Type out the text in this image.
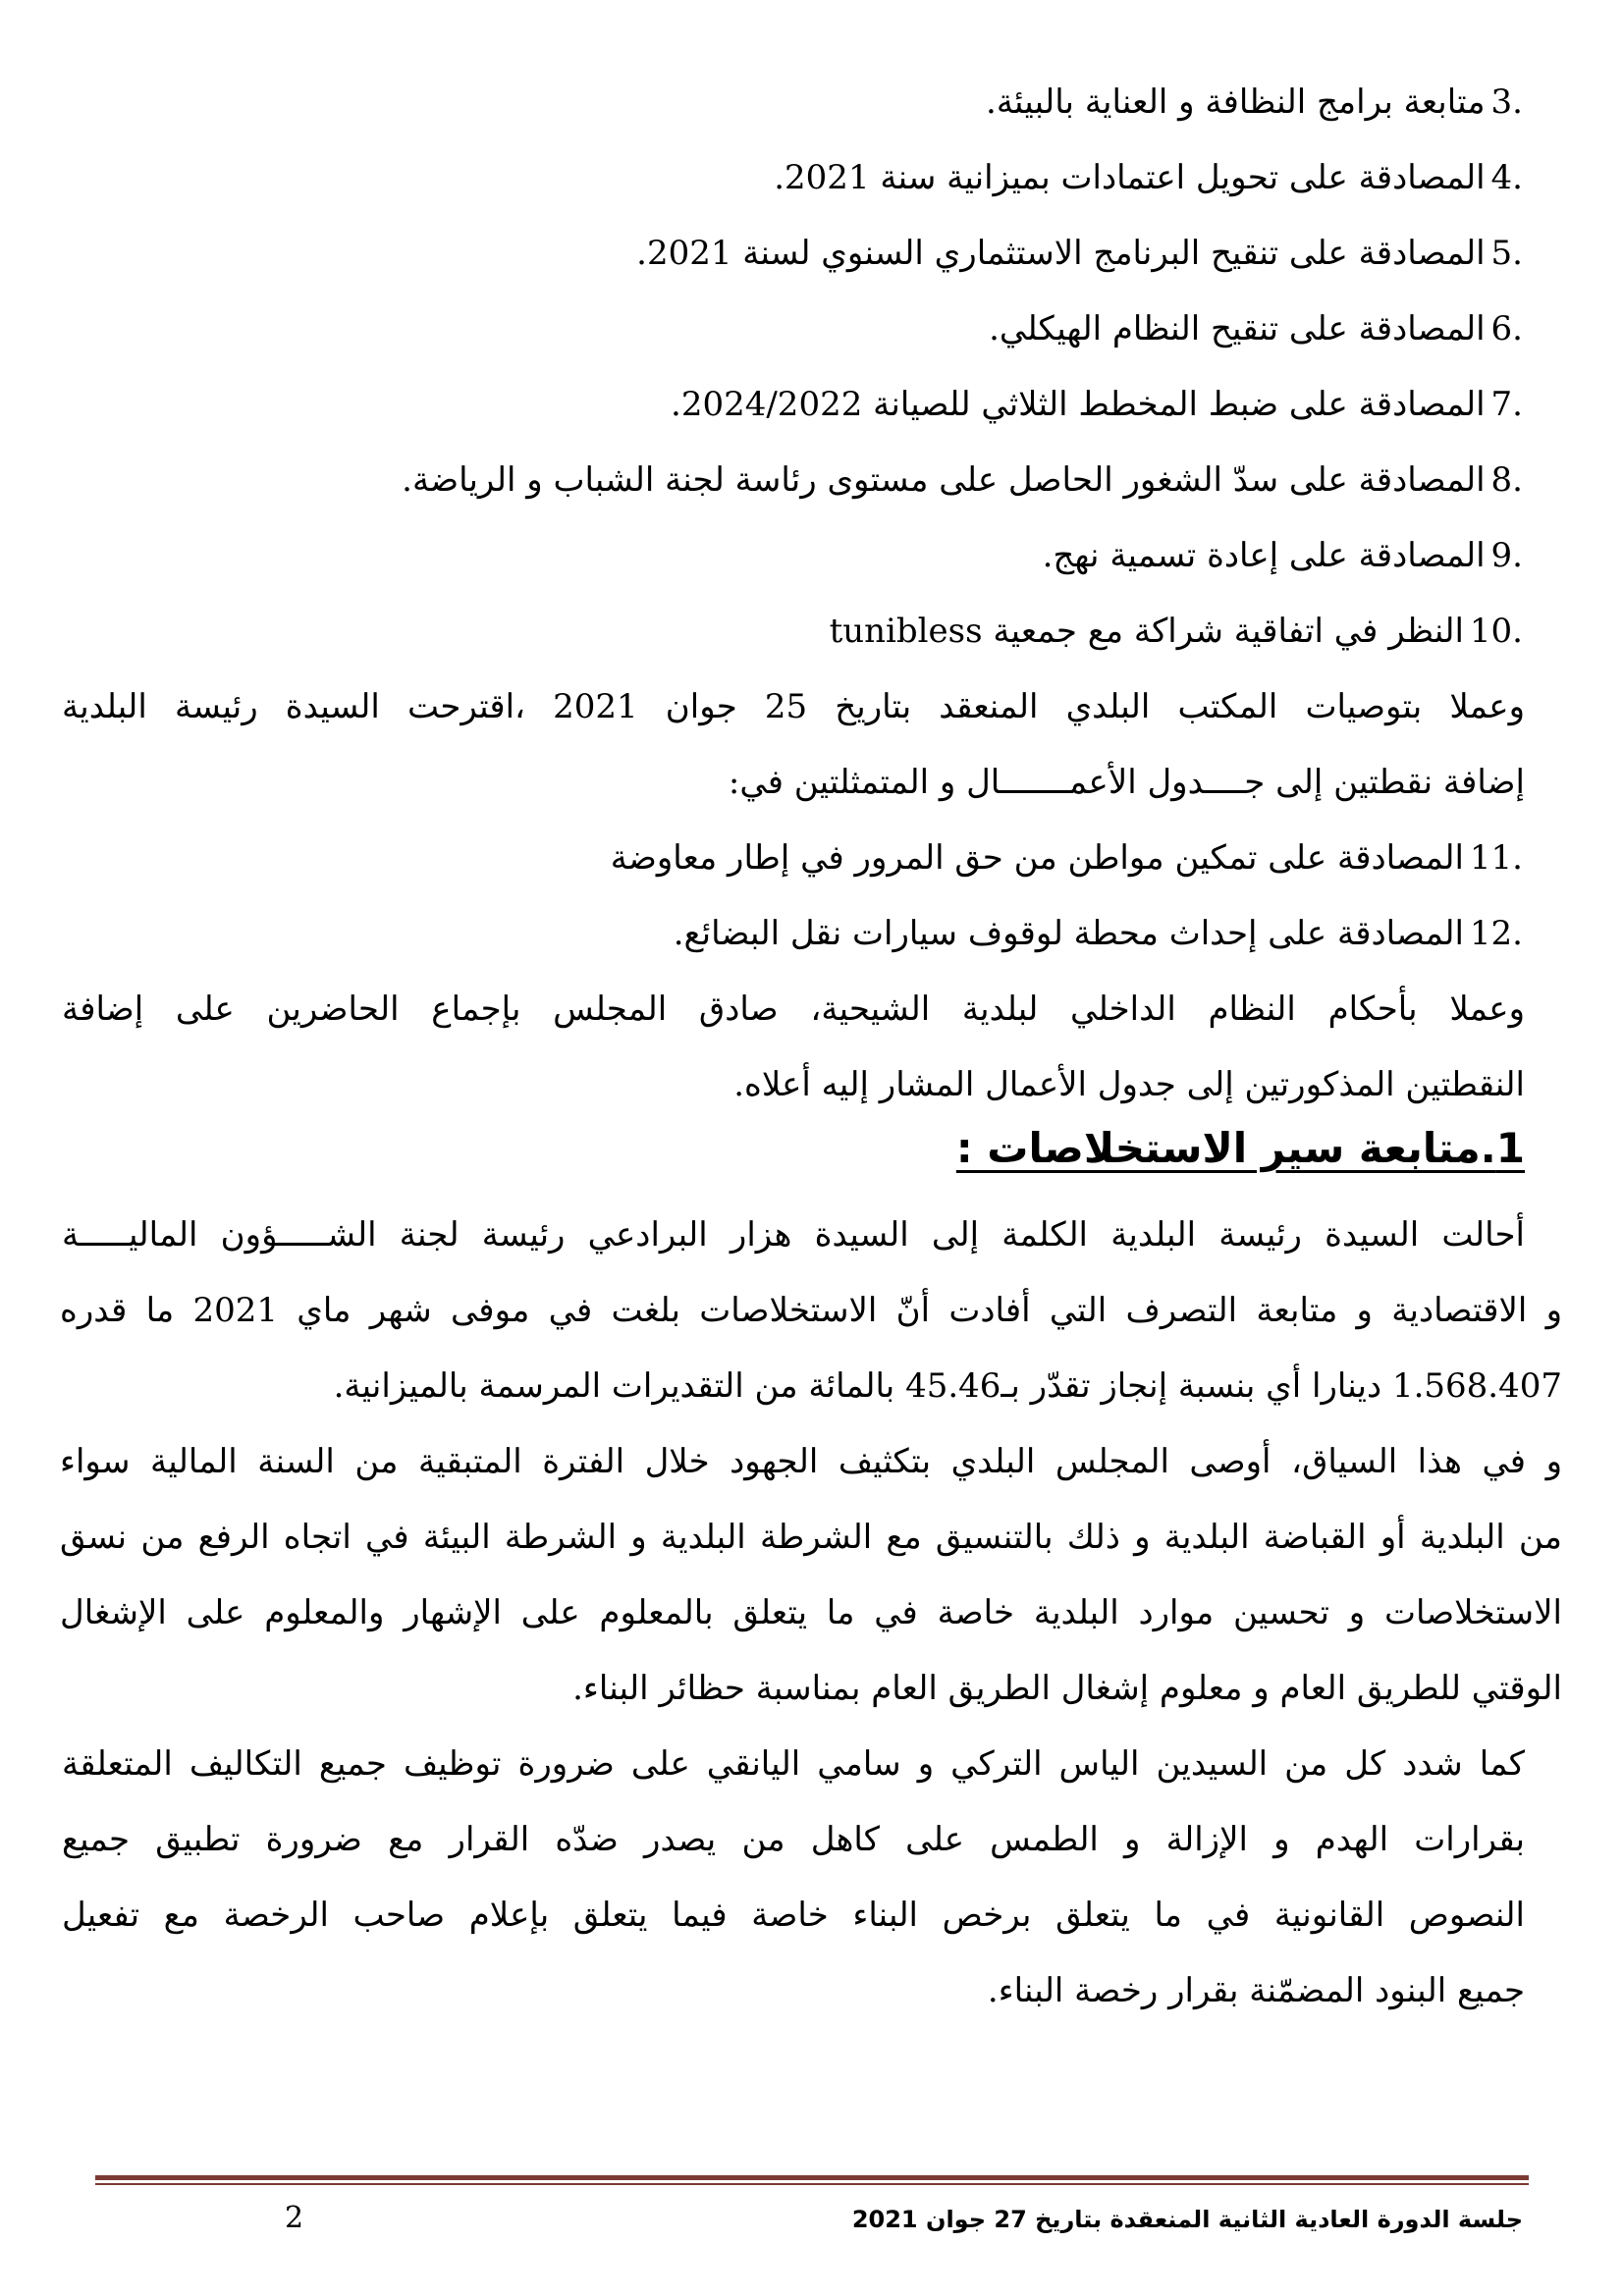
3.متابعة برامج النظافة و العناية بالبيئة.
4.المصادقة على تحويل اعتمادات بميزانية سنة 2021.
5.المصادقة على تنقيح البرنامج الاستثماري السنوي لسنة 2021.
6.المصادقة على تنقيح النظام الهيكلي.
7.المصادقة على ضبط المخطط الثلاثي للصيانة 2024/2022.
8.المصادقة على سدّ الشغور الحاصل على مستوى رئاسة لجنة الشباب و الرياضة.
9.المصادقة على إعادة تسمية نهج.
10.النظر في اتفاقية شراكة مع جمعية tunibless
وعملا بتوصيات المكتب البلدي المنعقد بتاريخ 25 جوان 2021 ،اقترحت السيدة رئيسة البلدية
إضافة نقطتين إلى جــــدول الأعمـــــــال و المتمثلتين في:
11.المصادقة على تمكين مواطن من حق المرور في إطار معاوضة
12.المصادقة على إحداث محطة لوقوف سيارات نقل البضائع.
وعملا بأحكام النظام الداخلي لبلدية الشيحية، صادق المجلس بإجماع الحاضرين على إضافة
النقطتين المذكورتين إلى جدول الأعمال المشار إليه أعلاه.
1.متابعة سير الاستخلاصات :
أحالت السيدة رئيسة البلدية الكلمة إلى السيدة هزار البرادعي رئيسة لجنة الشـــــؤون الماليـــــة
و الاقتصادية و متابعة التصرف التي أفادت أنّ الاستخلاصات بلغت في موفى شهر ماي 2021 ما قدره
1.568.407 دينارا أي بنسبة إنجاز تقدّر بـ45.46 بالمائة من التقديرات المرسمة بالميزانية.
و في هذا السياق، أوصى المجلس البلدي بتكثيف الجهود خلال الفترة المتبقية من السنة المالية سواء
من البلدية أو القباضة البلدية و ذلك بالتنسيق مع الشرطة البلدية و الشرطة البيئة في اتجاه الرفع من نسق
الاستخلاصات و تحسين موارد البلدية خاصة في ما يتعلق بالمعلوم على الإشهار والمعلوم على الإشغال
الوقتي للطريق العام و معلوم إشغال الطريق العام بمناسبة حظائر البناء.
كما شدد كل من السيدين الياس التركي و سامي اليانقي على ضرورة توظيف جميع التكاليف المتعلقة
بقرارات الهدم و الإزالة و الطمس على كاهل من يصدر ضدّه القرار مع ضرورة تطبيق جميع
النصوص القانونية في ما يتعلق برخص البناء خاصة فيما يتعلق بإعلام صاحب الرخصة مع تفعيل
جميع البنود المضمّنة بقرار رخصة البناء.
جلسة الدورة العادية الثانية المنعقدة بتاريخ 27 جوان 2021
2
